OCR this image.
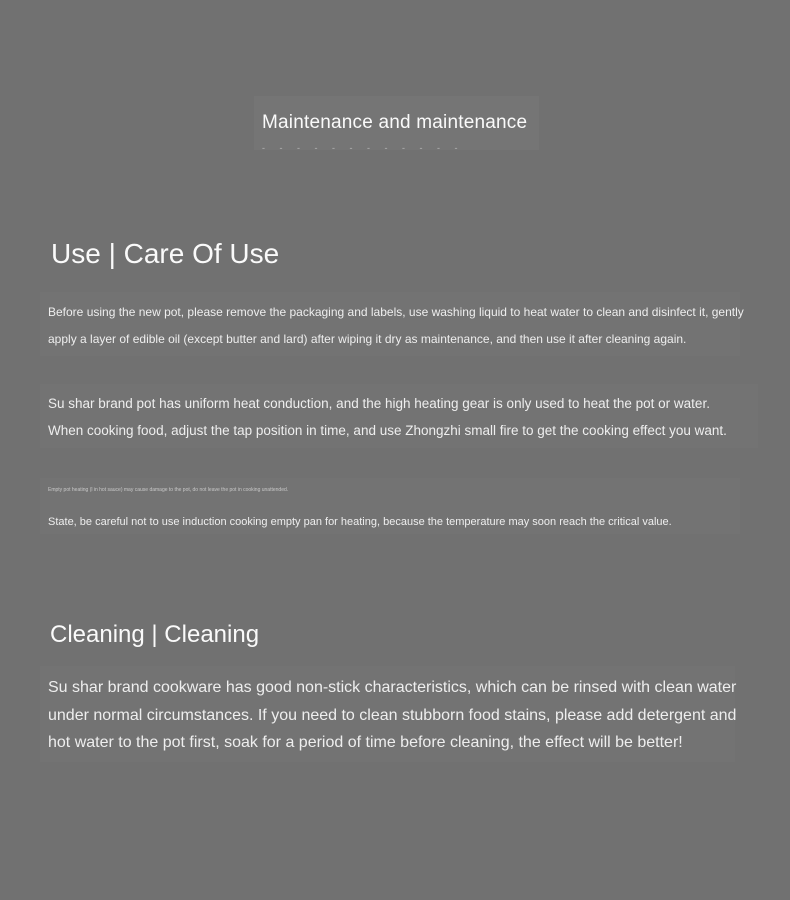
Maintenance and maintenance
- - - - - - - - - - - -
Use | Care Of Use

Before using the new pot, please remove the packaging and labels, use washing liquid to heat water to clean and disinfect it, gently apply a layer of edible oil (except butter and lard) after wiping it dry as maintenance, and then use it after cleaning again.

Su shar brand pot has uniform heat conduction, and the high heating gear is only used to heat the pot or water. When cooking food, adjust the tap position in time, and use Zhongzhi small fire to get the cooking effect you want.

Empty pot heating (l in hot sauce) may cause damage to the pot, do not leave the pot in cooking unattended.

State, be careful not to use induction cooking empty pan for heating, because the temperature may soon reach the critical value.

Cleaning | Cleaning

Su shar brand cookware has good non-stick characteristics, which can be rinsed with clean water under normal circumstances. If you need to clean stubborn food stains, please add detergent and hot water to the pot first, soak for a period of time before cleaning, the effect will be better!
